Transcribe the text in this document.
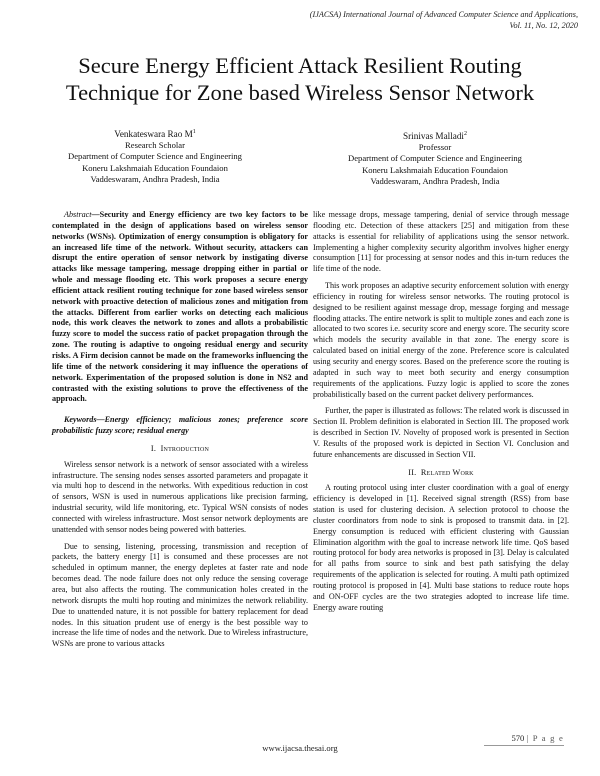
(IJACSA) International Journal of Advanced Computer Science and Applications,
Vol. 11, No. 12, 2020
Secure Energy Efficient Attack Resilient Routing
Technique for Zone based Wireless Sensor Network
Venkateswara Rao $M^1$
Research Scholar
Department of Computer Science and Engineering
Koneru Lakshmaiah Education Foundaion
Vaddeswaram, Andhra Pradesh, India
Srinivas Malladi$^2$
Professor
Department of Computer Science and Engineering
Koneru Lakshmaiah Education Foundaion
Vaddeswaram, Andhra Pradesh, India

Abstract—Security and Energy efficiency are two key factors to be contemplated in the design of applications based on wireless sensor networks (WSNs). Optimization of energy consumption is obligatory for an increased life time of the network. Without security, attackers can disrupt the entire operation of sensor network by instigating diverse attacks like message tampering, message dropping either in partial or whole and message flooding etc. This work proposes a secure energy efficient attack resilient routing technique for zone based wireless sensor network with proactive detection of malicious zones and mitigation from the attacks. Different from earlier works on detecting each malicious node, this work cleaves the network to zones and allots a probabilistic fuzzy score to model the success ratio of packet propagation through the zone. The routing is adaptive to ongoing residual energy and security risks. A Firm decision cannot be made on the frameworks influencing the life time of the network considering it may influence the operations of network. Experimentation of the proposed solution is done in NS2 and contrasted with the existing solutions to prove the effectiveness of the approach.

Keywords—Energy efficiency; malicious zones; preference score probabilistic fuzzy score; residual energy

I. Introduction

Wireless sensor network is a network of sensor associated with a wireless infrastructure. The sensing nodes senses assorted parameters and propagate it via multi hop to descend in the networks. With expeditious reduction in cost of sensors, WSN is used in numerous applications like precision farming, industrial security, wild life monitoring, etc. Typical WSN consists of nodes connected with wireless infrastructure. Most sensor network deployments are unattended with sensor nodes being powered with batteries.

Due to sensing, listening, processing, transmission and reception of packets, the battery energy [1] is consumed and these processes are not scheduled in optimum manner, the energy depletes at faster rate and node becomes dead. The node failure does not only reduce the sensing coverage area, but also affects the routing. The communication holes created in the network disrupts the multi hop routing and minimizes the network reliability. Due to unattended nature, it is not possible for battery replacement for dead nodes. In this situation prudent use of energy is the best possible way to increase the life time of nodes and the network. Due to Wireless infrastructure, WSNs are prone to various attacks

like message drops, message tampering, denial of service through message flooding etc. Detection of these attackers [25] and mitigation from these attacks is essential for reliability of applications using the sensor network. Implementing a higher complexity security algorithm involves higher energy consumption [11] for processing at sensor nodes and this in-turn reduces the life time of the node.

This work proposes an adaptive security enforcement solution with energy efficiency in routing for wireless sensor networks. The routing protocol is designed to be resilient against message drop, message forging and message flooding attacks. The entire network is split to multiple zones and each zone is allocated to two scores i.e. security score and energy score. The security score which models the security available in that zone. The energy score is calculated based on initial energy of the zone. Preference score is calculated using security and energy scores. Based on the preference score the routing is adapted in such way to meet both security and energy consumption requirements of the applications. Fuzzy logic is applied to score the zones probabilistically based on the current packet delivery performances.

Further, the paper is illustrated as follows: The related work is discussed in Section II. Problem definition is elaborated in Section III. The proposed work is described in Section IV. Novelty of proposed work is presented in Section V. Results of the proposed work is depicted in Section VI. Conclusion and future enhancements are discussed in Section VII.

II. Related Work

A routing protocol using inter cluster coordination with a goal of energy efficiency is developed in [1]. Received signal strength (RSS) from base station is used for clustering decision. A selection protocol to choose the cluster coordinators from node to sink is proposed to transmit data. in [2]. Energy consumption is reduced with efficient clustering with Gaussian Elimination algorithm with the goal to increase network life time. QoS based routing protocol for body area networks is proposed in [3]. Delay is calculated for all paths from source to sink and best path satisfying the delay requirements of the application is selected for routing. A multi path optimized routing protocol is proposed in [4]. Multi base stations to reduce route hops and ON-OFF cycles are the two strategies adopted to increase life time. Energy aware routing

570 | P a g e
www.ijacsa.thesai.org
